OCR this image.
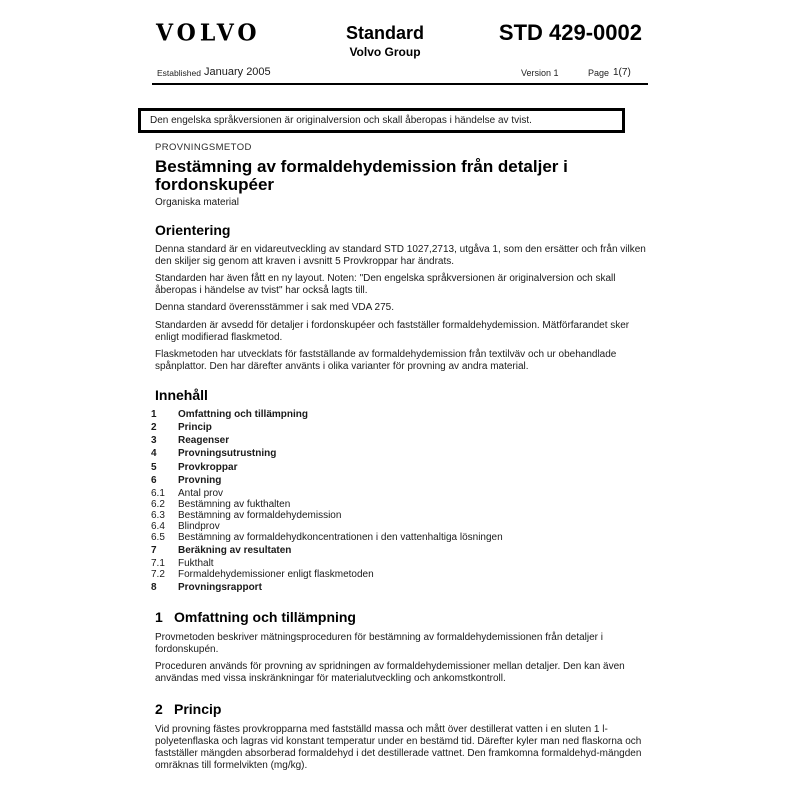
VOLVO	Standard
Volvo Group
STD 429-0002
Established January 2005	Version 1	Page 1(7)
Den engelska språkversionen är originalversion och skall åberopas i händelse av tvist.
PROVNINGSMETOD
Bestämning av formaldehydemission från detaljer i fordonskupéer
Organiska material
Orientering

Denna standard är en vidareutveckling av standard STD 1027,2713, utgåva 1, som den ersätter och från vilken den skiljer sig genom att kraven i avsnitt 5 Provkroppar har ändrats.

Standarden har även fått en ny layout. Noten: "Den engelska språkversionen är originalversion och skall åberopas i händelse av tvist" har också lagts till.

Denna standard överensstämmer i sak med VDA 275.

Standarden är avsedd för detaljer i fordonskupéer och fastställer formaldehydemission. Mätförfarandet sker enligt modifierad flaskmetod.

Flaskmetoden har utvecklats för fastställande av formaldehydemission från textilväv och ur obehandlade spånplattor. Den har därefter använts i olika varianter för provning av andra material.

Innehåll
1	Omfattning och tillämpning
2	Princip
3	Reagenser
4	Provningsutrustning
5	Provkroppar
6	Provning
6.1	Antal prov
6.2	Bestämning av fukthalten
6.3	Bestämning av formaldehydemission
6.4	Blindprov
6.5	Bestämning av formaldehydkoncentrationen i den vattenhaltiga lösningen
7	Beräkning av resultaten
7.1	Fukthalt
7.2	Formaldehydemissioner enligt flaskmetoden
8	Provningsrapport
1 Omfattning och tillämpning

Provmetoden beskriver mätningsproceduren för bestämning av formaldehydemissionen från detaljer i fordonskupén.

Proceduren används för provning av spridningen av formaldehydemissioner mellan detaljer. Den kan även användas med vissa inskränkningar för materialutveckling och ankomstkontroll.

2 Princip

Vid provning fästes provkropparna med fastställd massa och mått över destillerat vatten i en sluten 1 l-polyetenflaska och lagras vid konstant temperatur under en bestämd tid. Därefter kyler man ned flaskorna och fastställer mängden absorberad formaldehyd i det destillerade vattnet. Den framkomna formaldehyd-mängden omräknas till formelvikten (mg/kg).
